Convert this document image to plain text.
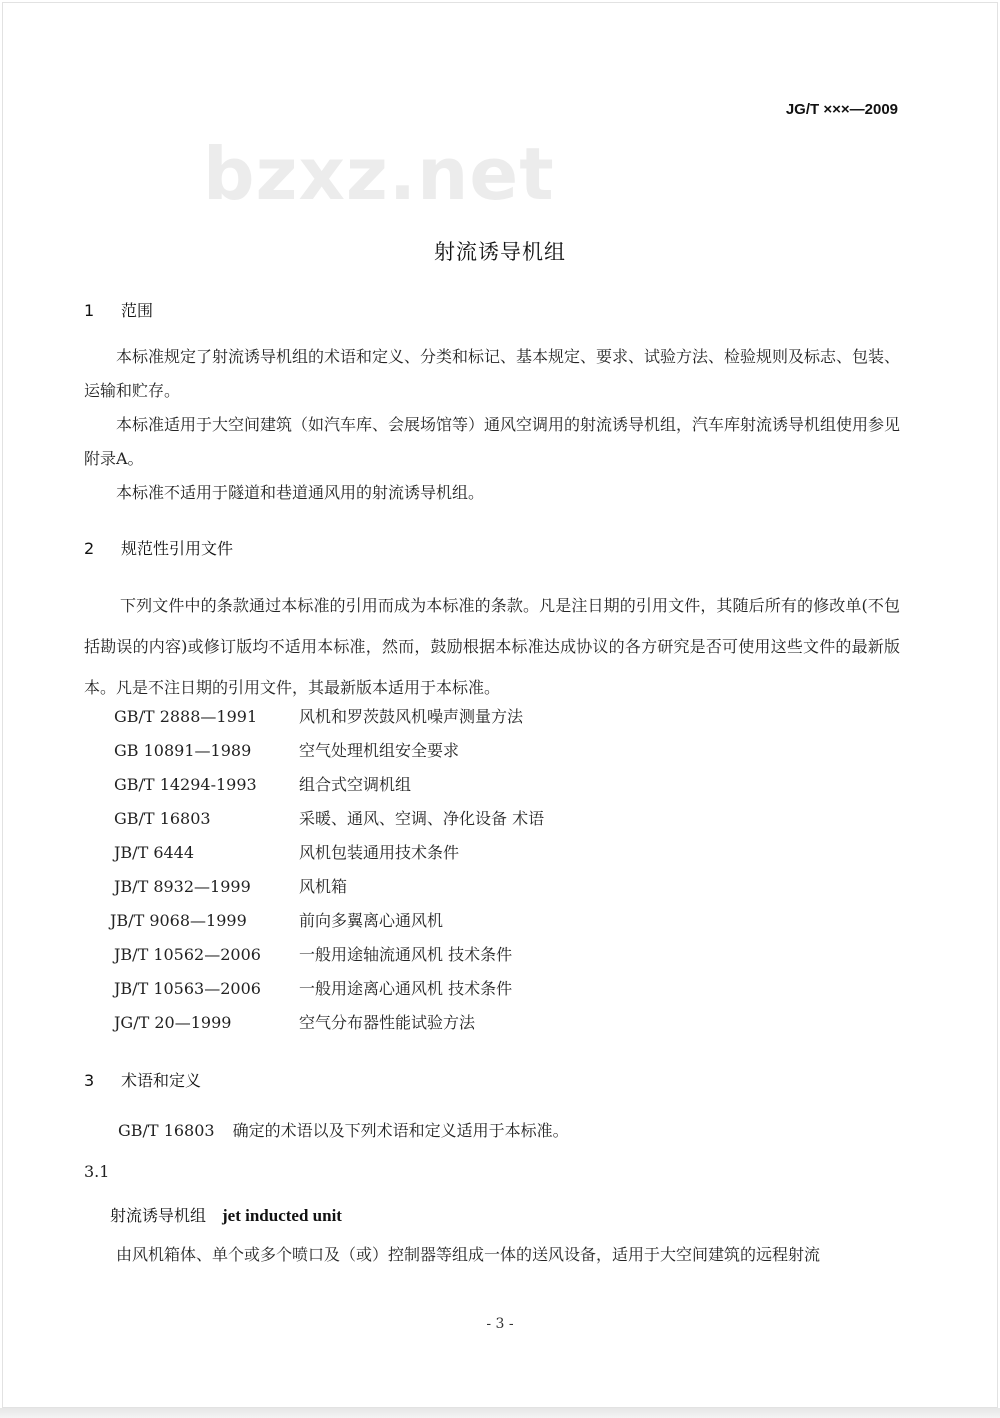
bzxz.net
JG/T ×××—2009
射流诱导机组
1 范围
本标准规定了射流诱导机组的术语和定义、分类和标记、基本规定、要求、试验方法、检验规则及标志、包装、运输和贮存。
本标准适用于大空间建筑（如汽车库、会展场馆等）通风空调用的射流诱导机组，汽车库射流诱导机组使用参见附录A。
本标准不适用于隧道和巷道通风用的射流诱导机组。
2 规范性引用文件
下列文件中的条款通过本标准的引用而成为本标准的条款。凡是注日期的引用文件，其随后所有的修改单(不包括勘误的内容)或修订版均不适用本标准，然而，鼓励根据本标准达成协议的各方研究是否可使用这些文件的最新版本。凡是不注日期的引用文件，其最新版本适用于本标准。
GB/T 2888—1991	风机和罗茨鼓风机噪声测量方法
GB 10891—1989	空气处理机组安全要求
GB/T 14294-1993	组合式空调机组
GB/T 16803	采暖、通风、空调、净化设备 术语
JB/T 6444	风机包装通用技术条件
JB/T 8932—1999	风机箱
JB/T 9068—1999	前向多翼离心通风机
JB/T 10562—2006 一般用途轴流通风机 技术条件
JB/T 10563—2006 一般用途离心通风机 技术条件
JG/T 20—1999	空气分布器性能试验方法
3 术语和定义
GB/T 16803 确定的术语以及下列术语和定义适用于本标准。
3.1
射流诱导机组 jet inducted unit
由风机箱体、单个或多个喷口及（或）控制器等组成一体的送风设备，适用于大空间建筑的远程射流
- 3 -
